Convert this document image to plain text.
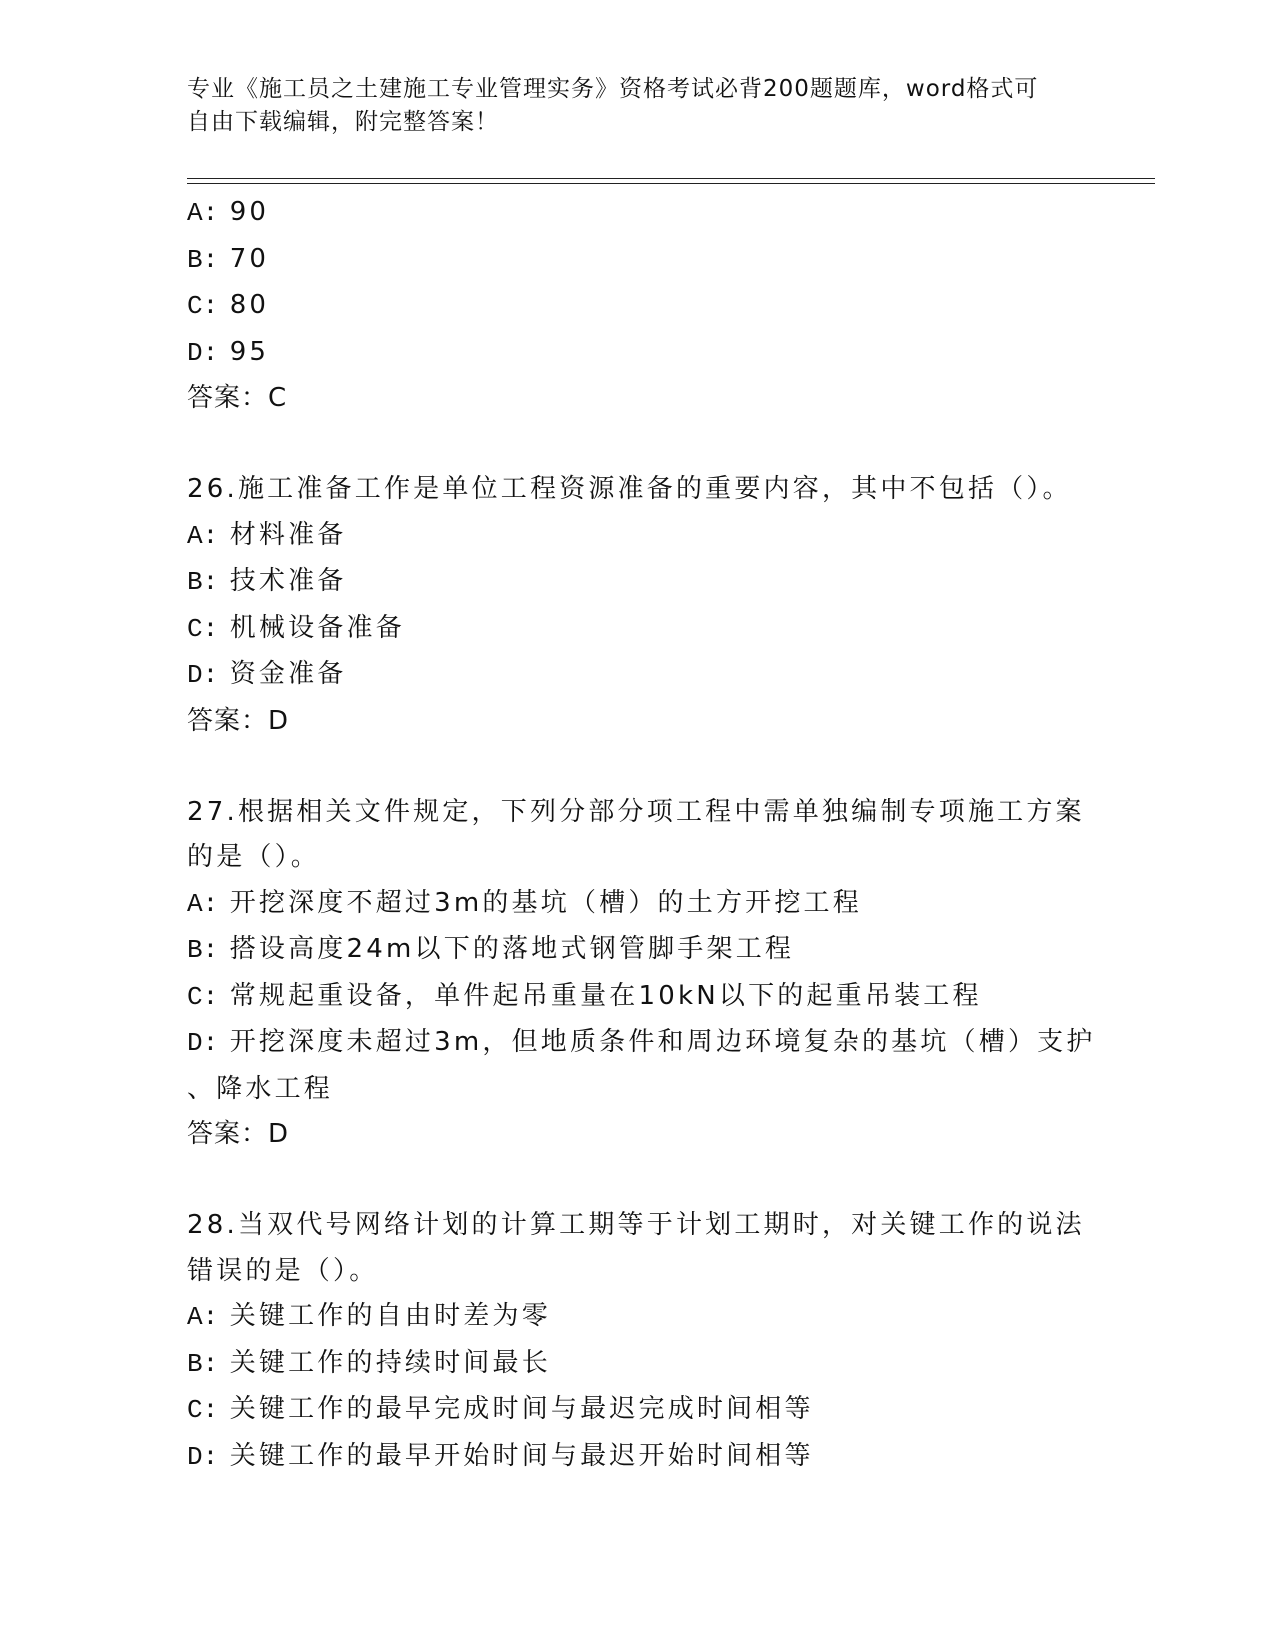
专业《施工员之土建施工专业管理实务》资格考试必背200题题库，word格式可
自由下载编辑，附完整答案！
A: 90
B: 70
C: 80
D: 95
答案：C
26.施工准备工作是单位工程资源准备的重要内容，其中不包括（）。
A: 材料准备
B: 技术准备
C: 机械设备准备
D: 资金准备
答案：D
27.根据相关文件规定，下列分部分项工程中需单独编制专项施工方案
的是（）。
A: 开挖深度不超过3m的基坑（槽）的土方开挖工程
B: 搭设高度24m以下的落地式钢管脚手架工程
C: 常规起重设备，单件起吊重量在10kN以下的起重吊装工程
D: 开挖深度未超过3m，但地质条件和周边环境复杂的基坑（槽）支护
、降水工程
答案：D
28.当双代号网络计划的计算工期等于计划工期时，对关键工作的说法
错误的是（）。
A: 关键工作的自由时差为零
B: 关键工作的持续时间最长
C: 关键工作的最早完成时间与最迟完成时间相等
D: 关键工作的最早开始时间与最迟开始时间相等
